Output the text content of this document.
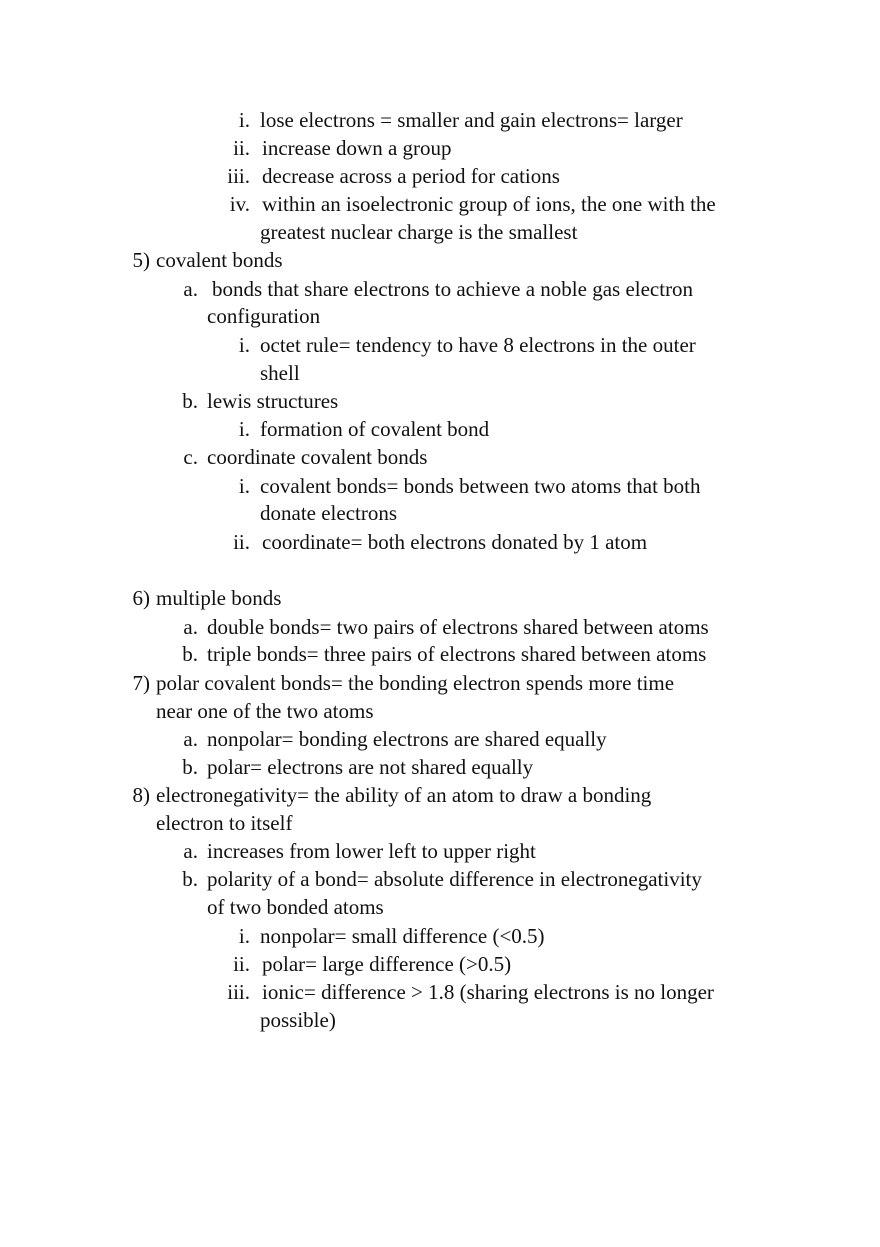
i. lose electrons = smaller and gain electrons= larger
ii. increase down a group
iii. decrease across a period for cations
iv. within an isoelectronic group of ions, the one with the
greatest nuclear charge is the smallest
5) covalent bonds
a. bonds that share electrons to achieve a noble gas electron
configuration
i. octet rule= tendency to have 8 electrons in the outer
shell
b. lewis structures
i. formation of covalent bond
c. coordinate covalent bonds
i. covalent bonds= bonds between two atoms that both
donate electrons
ii. coordinate= both electrons donated by 1 atom
6) multiple bonds
a. double bonds= two pairs of electrons shared between atoms
b. triple bonds= three pairs of electrons shared between atoms
7) polar covalent bonds= the bonding electron spends more time
near one of the two atoms
a. nonpolar= bonding electrons are shared equally
b. polar= electrons are not shared equally
8) electronegativity= the ability of an atom to draw a bonding
electron to itself
a. increases from lower left to upper right
b. polarity of a bond= absolute difference in electronegativity
of two bonded atoms
i. nonpolar= small difference (<0.5)
ii. polar= large difference (>0.5)
iii. ionic= difference > 1.8 (sharing electrons is no longer
possible)
